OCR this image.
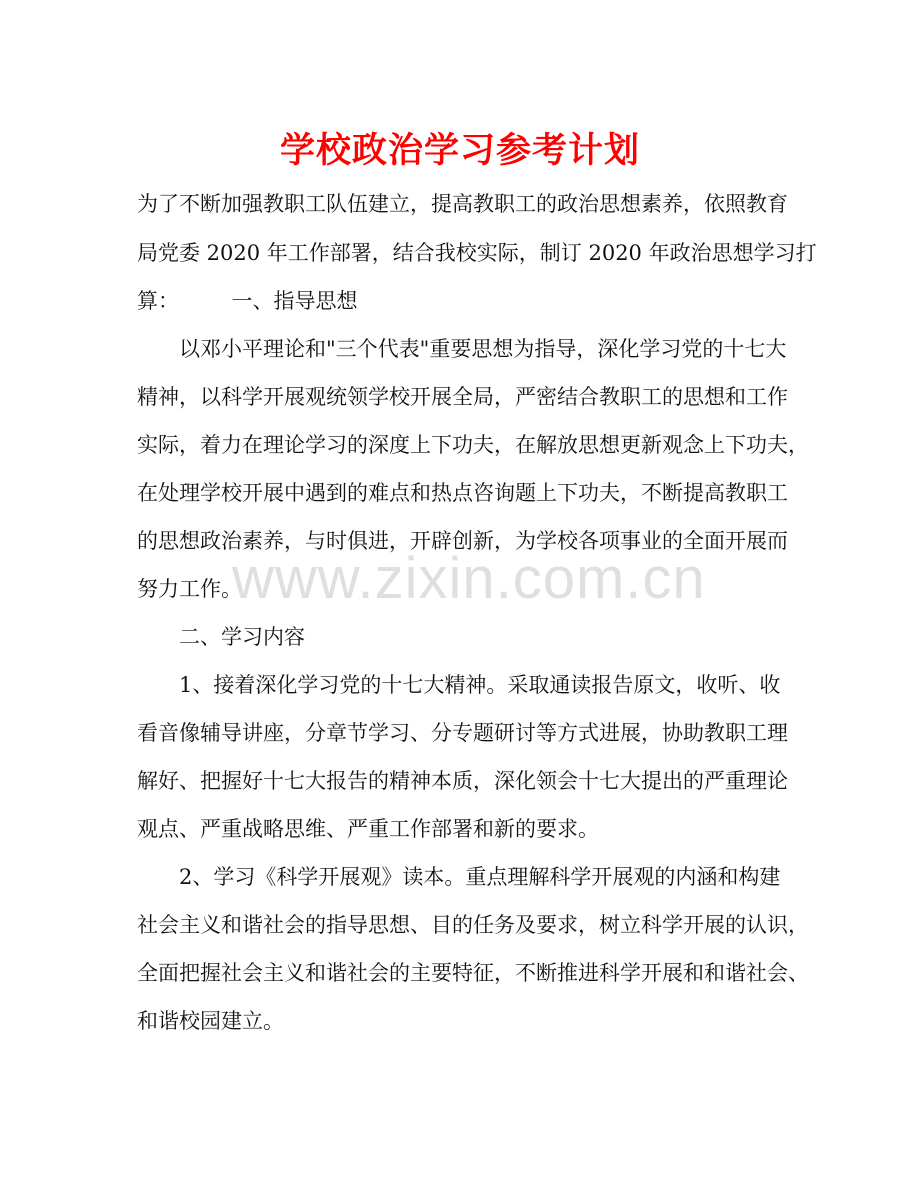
学校政治学习参考计划
为了不断加强教职工队伍建立，提高教职工的政治思想素养，依照教育
局党委 2020 年工作部署，结合我校实际，制订 2020 年政治思想学习打
算：　　　一、指导思想
以邓小平理论和"三个代表"重要思想为指导，深化学习党的十七大
精神，以科学开展观统领学校开展全局，严密结合教职工的思想和工作
实际，着力在理论学习的深度上下功夫，在解放思想更新观念上下功夫，
在处理学校开展中遇到的难点和热点咨询题上下功夫，不断提高教职工
的思想政治素养，与时俱进，开辟创新，为学校各项事业的全面开展而
努力工作。
二、学习内容
1、接着深化学习党的十七大精神。采取通读报告原文，收听、收
看音像辅导讲座，分章节学习、分专题研讨等方式进展，协助教职工理
解好、把握好十七大报告的精神本质，深化领会十七大提出的严重理论
观点、严重战略思维、严重工作部署和新的要求。
2、学习《科学开展观》读本。重点理解科学开展观的内涵和构建
社会主义和谐社会的指导思想、目的任务及要求，树立科学开展的认识，
全面把握社会主义和谐社会的主要特征，不断推进科学开展和和谐社会、
和谐校园建立。
www.zixin.com.cn
